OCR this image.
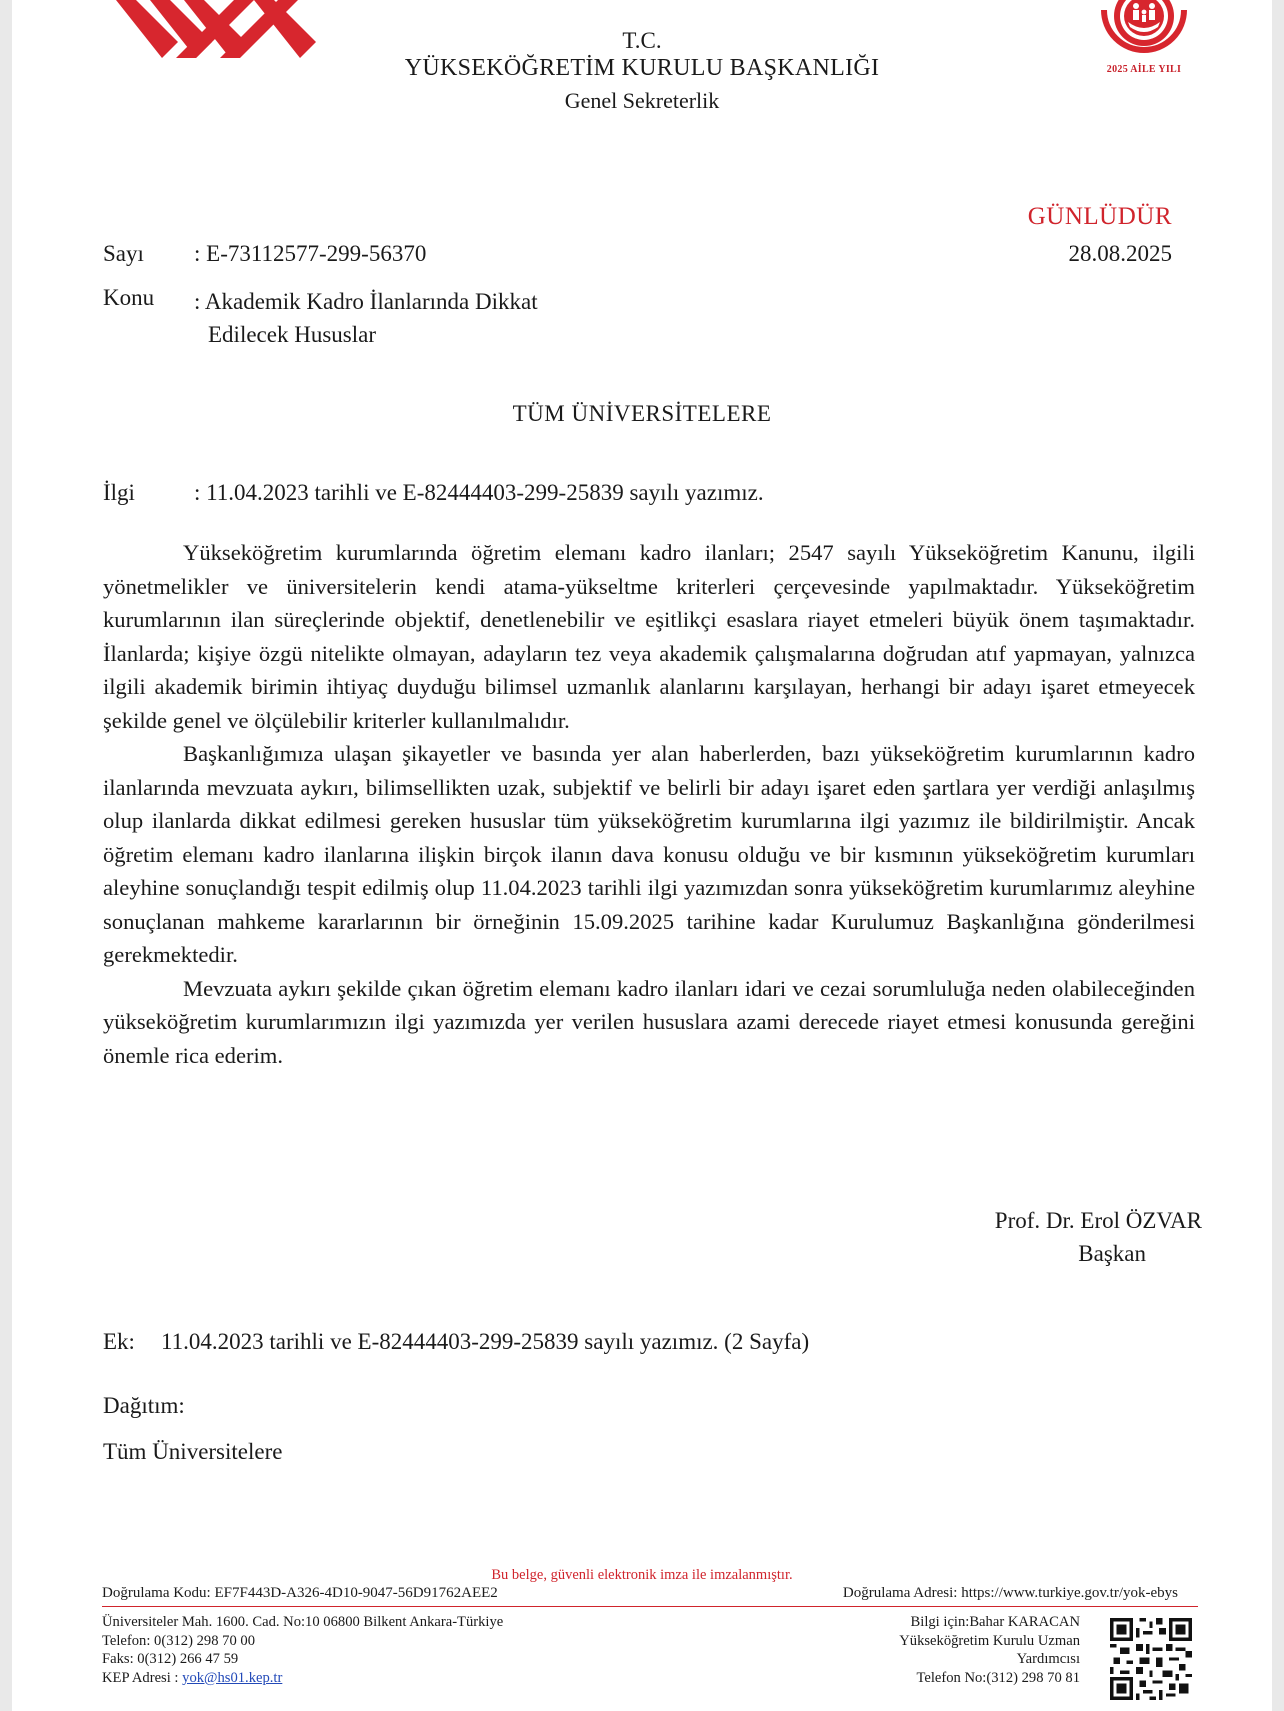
2025 AİLE YILI
T.C.
YÜKSEKÖĞRETİM KURULU BAŞKANLIĞI
Genel Sekreterlik
GÜNLÜDÜR
28.08.2025
Sayı : E-73112577-299-56370
Konu : Akademik Kadro İlanlarında Dikkat
Edilecek Hususlar
TÜM ÜNİVERSİTELERE
İlgi	: 11.04.2023 tarihli ve E-82444403-299-25839 sayılı yazımız.

Yükseköğretim kurumlarında öğretim elemanı kadro ilanları; 2547 sayılı Yükseköğretim Kanunu, ilgili yönetmelikler ve üniversitelerin kendi atama-yükseltme kriterleri çerçevesinde yapılmaktadır. Yükseköğretim kurumlarının ilan süreçlerinde objektif, denetlenebilir ve eşitlikçi esaslara riayet etmeleri büyük önem taşımaktadır. İlanlarda; kişiye özgü nitelikte olmayan, adayların tez veya akademik çalışmalarına doğrudan atıf yapmayan, yalnızca ilgili akademik birimin ihtiyaç duyduğu bilimsel uzmanlık alanlarını karşılayan, herhangi bir adayı işaret etmeyecek şekilde genel ve ölçülebilir kriterler kullanılmalıdır.

Başkanlığımıza ulaşan şikayetler ve basında yer alan haberlerden, bazı yükseköğretim kurumlarının kadro ilanlarında mevzuata aykırı, bilimsellikten uzak, subjektif ve belirli bir adayı işaret eden şartlara yer verdiği anlaşılmış olup ilanlarda dikkat edilmesi gereken hususlar tüm yükseköğretim kurumlarına ilgi yazımız ile bildirilmiştir. Ancak öğretim elemanı kadro ilanlarına ilişkin birçok ilanın dava konusu olduğu ve bir kısmının yükseköğretim kurumları aleyhine sonuçlandığı tespit edilmiş olup 11.04.2023 tarihli ilgi yazımızdan sonra yükseköğretim kurumlarımız aleyhine sonuçlanan mahkeme kararlarının bir örneğinin 15.09.2025 tarihine kadar Kurulumuz Başkanlığına gönderilmesi gerekmektedir.

Mevzuata aykırı şekilde çıkan öğretim elemanı kadro ilanları idari ve cezai sorumluluğa neden olabileceğinden yükseköğretim kurumlarımızın ilgi yazımızda yer verilen hususlara azami derecede riayet etmesi konusunda gereğini önemle rica ederim.

Prof. Dr. Erol ÖZVAR
Başkan
Ek: 11.04.2023 tarihli ve E-82444403-299-25839 sayılı yazımız. (2 Sayfa)
Dağıtım:
Tüm Üniversitelere
Bu belge, güvenli elektronik imza ile imzalanmıştır.
Doğrulama Kodu: EF7F443D-A326-4D10-9047-56D91762AEE2	Doğrulama Adresi: https://www.turkiye.gov.tr/yok-ebys
Üniversiteler Mah. 1600. Cad. No:10 06800 Bilkent Ankara-Türkiye
Telefon: 0(312) 298 70 00
Faks: 0(312) 266 47 59
KEP Adresi : yok@hs01.kep.tr
Bilgi için:Bahar KARACAN
Yükseköğretim Kurulu Uzman
Yardımcısı
Telefon No:(312) 298 70 81
